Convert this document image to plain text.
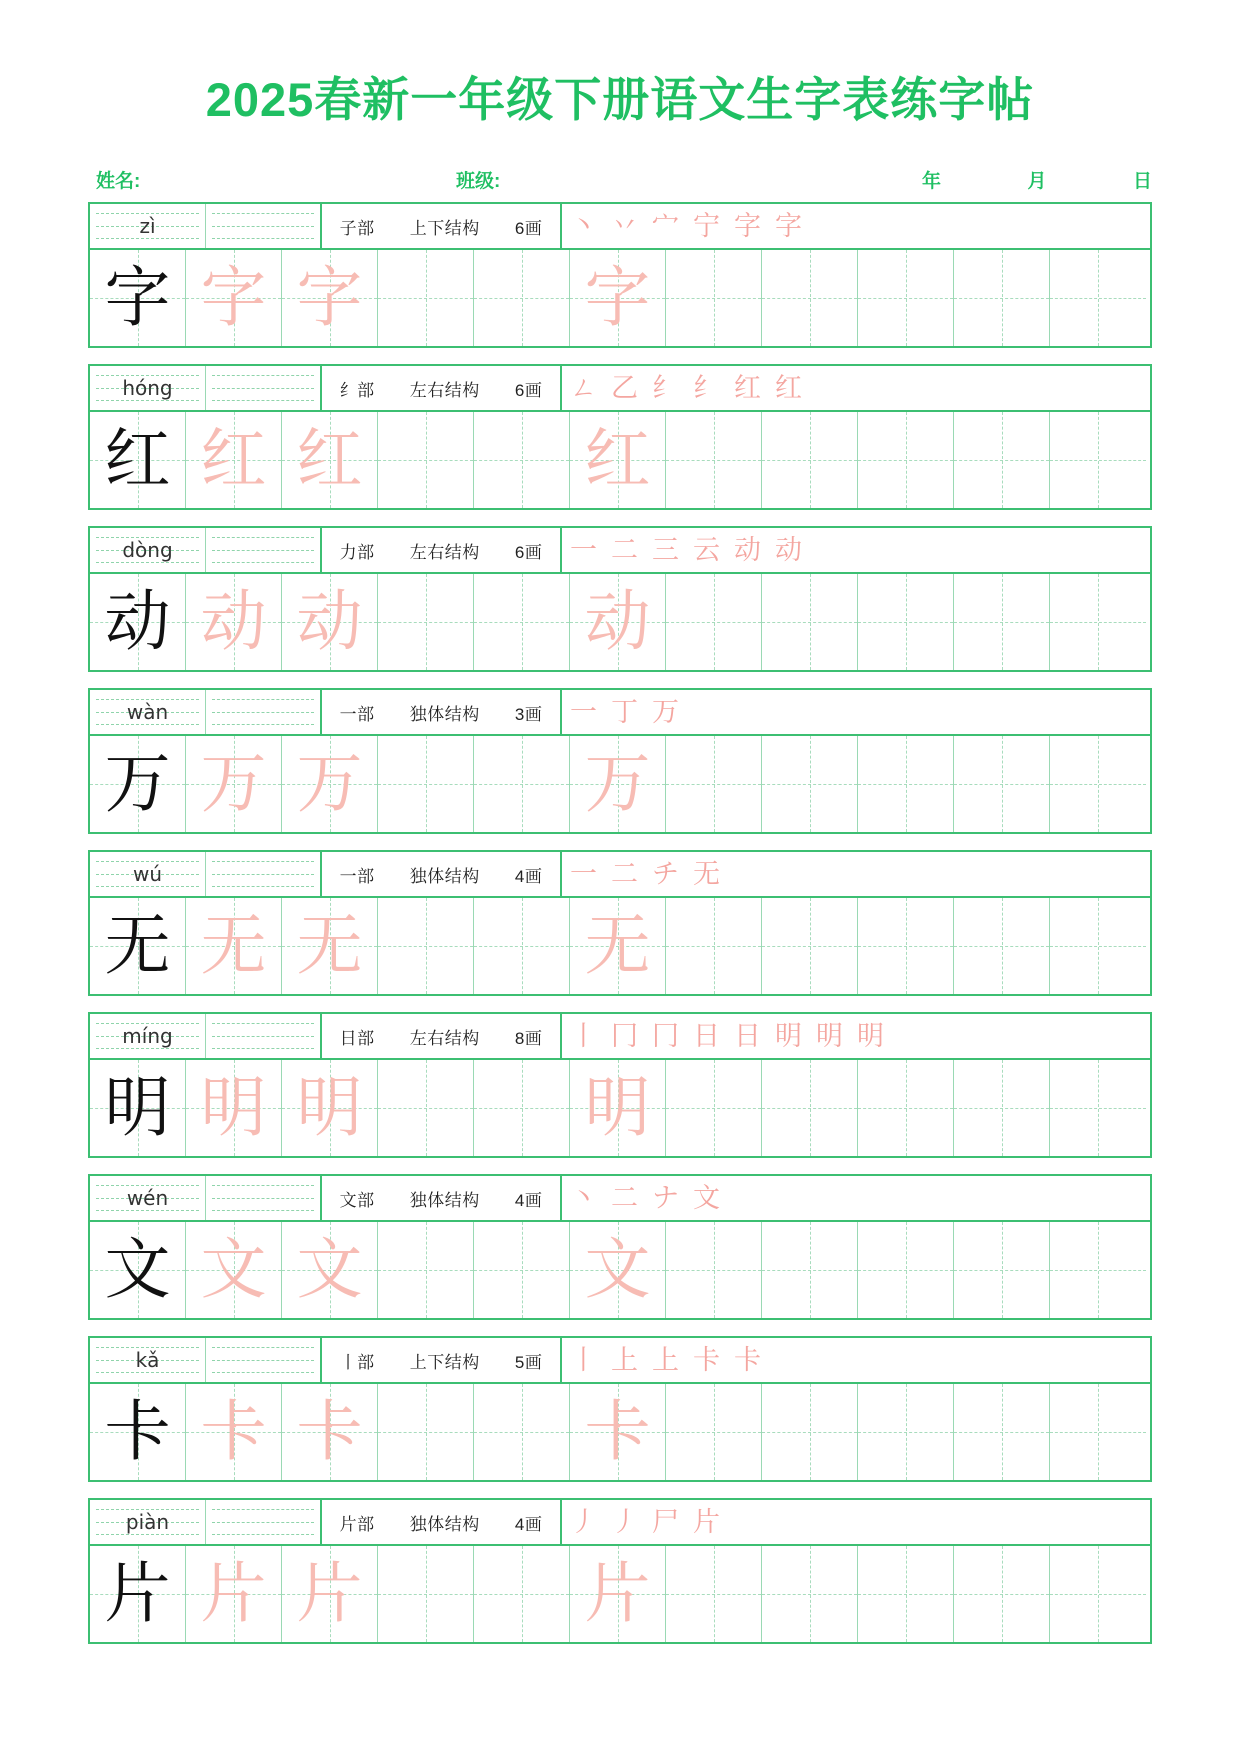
2025春新一年级下册语文生字表练字帖
姓名:	班级:	年	月	日
zì	子部 上下结构 6画 丶 丷 宀 宁 字 字
字 字 字	字
hóng	纟部 左右结构 6画 ㄥ 乙 纟 纟 红 红
红 红 红	红
dòng	力部 左右结构 6画 一 二 三 云 动 动
动 动 动	动
wàn	一部 独体结构 3画 一 丁 万
万 万 万	万
wú	一部 独体结构 4画 一 二 チ 无
无 无 无	无
míng	日部 左右结构 8画 丨 冂 冂 日 日 明 明 明
明 明 明	明
wén	文部 独体结构 4画 丶 二 ナ 文
文 文 文	文
kǎ	丨部 上下结构 5画 丨 上 上 卡 卡
卡 卡 卡	卡
piàn	片部 独体结构 4画 丿 丿 尸 片
片 片 片	片
